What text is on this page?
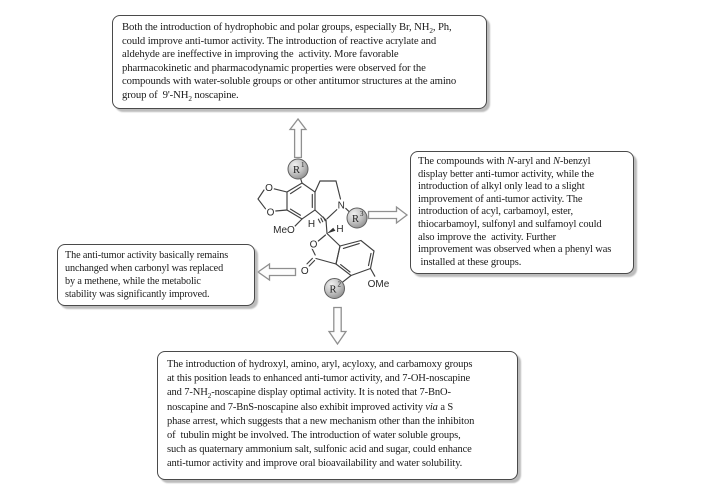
O
O
N
H H
O
O
OMe
MeO
R 1
R 3
R 2
Both the introduction of hydrophobic and polar groups, especially Br, $NH_2$, Ph,
could improve anti-tumor activity. The introduction of reactive acrylate and
aldehyde are ineffective in improving the  activity. More favorable
pharmacokinetic and pharmacodynamic properties were observed for the
compounds with water-soluble groups or other antitumor structures at the amino
group of  $9'-NH_2$ noscapine.
The compounds with N-aryl and N-benzyl
display better anti-tumor activity, while the
introduction of alkyl only lead to a slight
improvement of anti-tumor activity. The
introduction of acyl, carbamoyl, ester,
thiocarbamoyl, sulfonyl and sulfamoyl could
also improve the  activity. Further
improvement was observed when a phenyl was
installed at these groups.
The anti-tumor activity basically remains
unchanged when carbonyl was replaced
by a methene, while the metabolic
stability was significantly improved.
The introduction of hydroxyl, amino, aryl, acyloxy, and carbamoxy groups
at this position leads to enhanced anti-tumor activity, and 7-OH-noscapine
and $7-NH_2$-noscapine display optimal activity. It is noted that 7-BnO-
noscapine and 7-BnS-noscapine also exhibit improved activity via a S
phase arrest, which suggests that a new mechanism other than the inhibiton
of  tubulin might be involved. The introduction of water soluble groups,
such as quaternary ammonium salt, sulfonic acid and sugar, could enhance
anti-tumor activity and improve oral bioavailability and water solubility.
